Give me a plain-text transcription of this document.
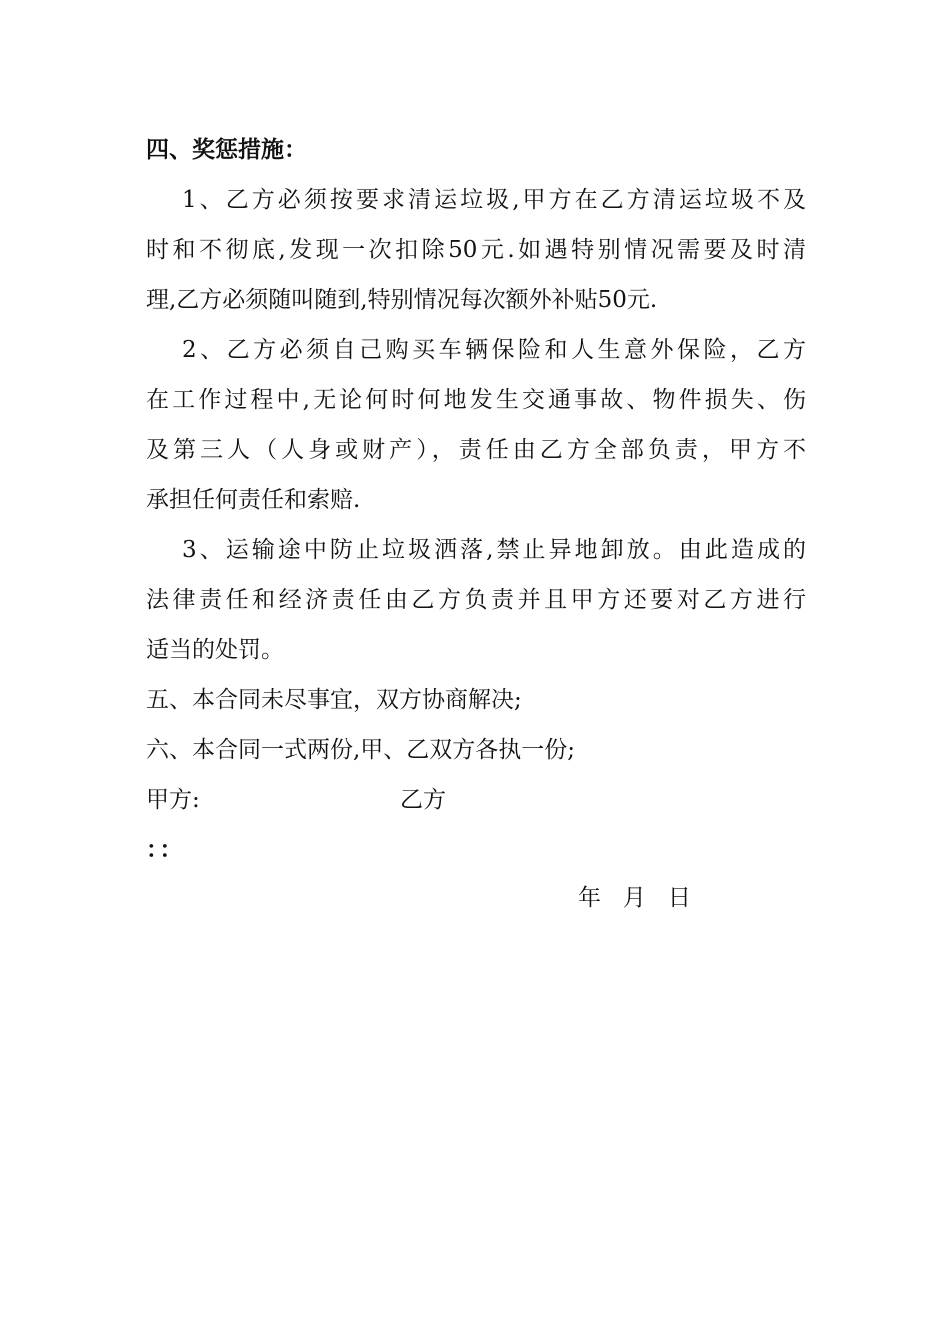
四、奖惩措施：
1、乙方必须按要求清运垃圾,甲方在乙方清运垃圾不及
时和不彻底,发现一次扣除50元.如遇特别情况需要及时清
理,乙方必须随叫随到,特别情况每次额外补贴50元.
2、乙方必须自己购买车辆保险和人生意外保险，乙方
在工作过程中,无论何时何地发生交通事故、物件损失、伤
及第三人（人身或财产），责任由乙方全部负责，甲方不
承担任何责任和索赔.
3、运输途中防止垃圾洒落,禁止异地卸放。由此造成的
法律责任和经济责任由乙方负责并且甲方还要对乙方进行
适当的处罚。
五、本合同未尽事宜，双方协商解决;
六、本合同一式两份,甲、乙双方各执一份;
甲方:	乙方
：：
年   月   日
